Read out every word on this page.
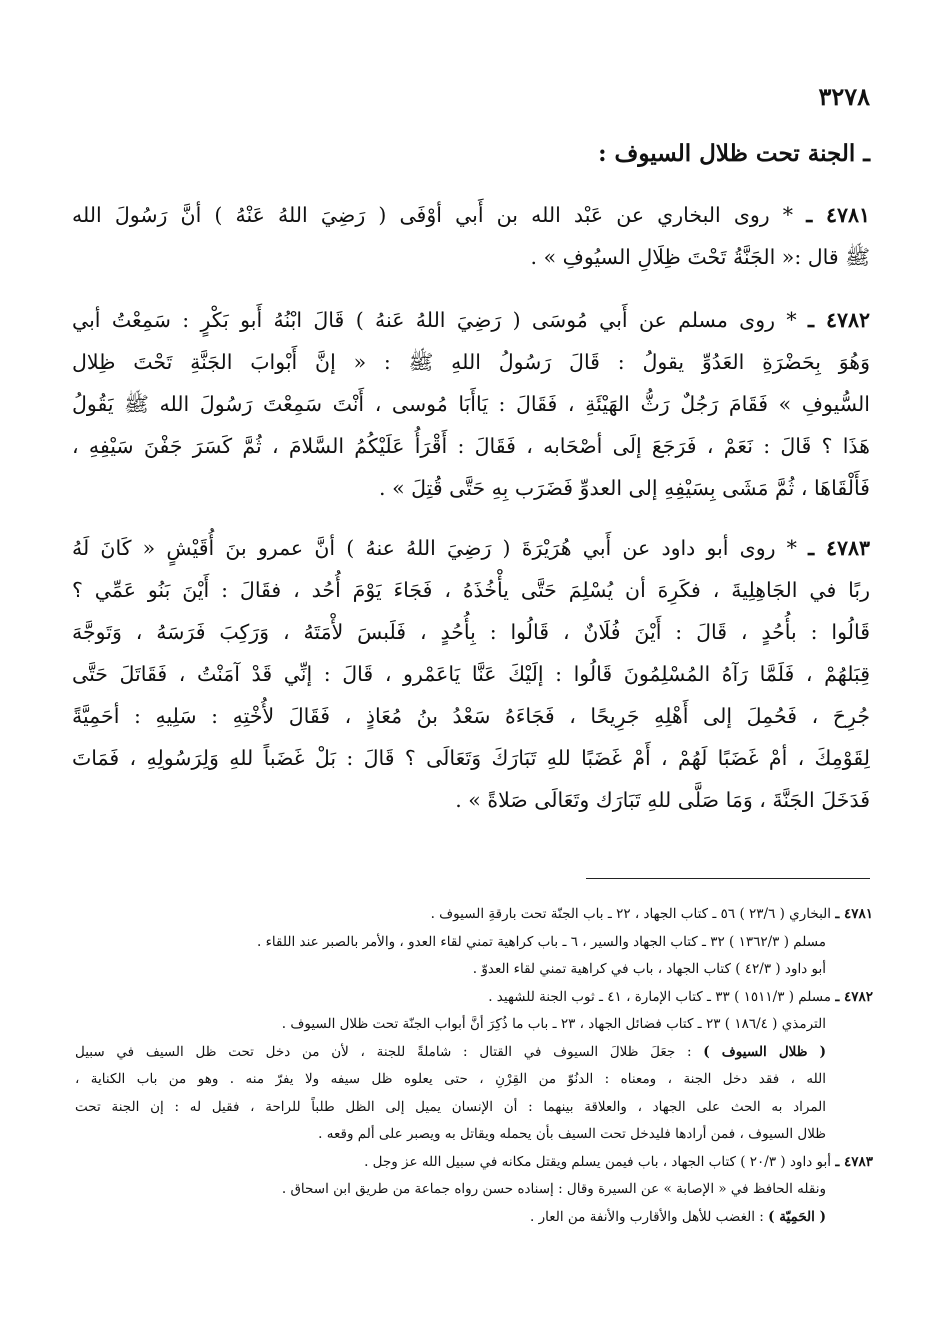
٣٢٧٨
ـ الجنة تحت ظلال السيوف :
٤٧٨١ ـ * روى البخاري عن عَبْد الله بن أَبي أوْفَى ( رَضِيَ اللهُ عَنْهُ ) أنَّ رَسُولَ الله
ﷺ قال :« الجَنَّةُ تَحْتَ ظِلَالِ السيُوفِ » .
٤٧٨٢ ـ * روى مسلم عن أَبي مُوسَى ( رَضِيَ اللهُ عَنهُ ) قَالَ ابْنُهُ أَبو بَكْرٍ : سَمِعْتُ أبي
وَهُوَ بِحَضْرَةِ العَدُوِّ يقولُ : قَالَ رَسُولُ اللهِ ﷺ : « إنَّ أَبْوابَ الجَنَّةِ تَحْتَ ظِلال
السُّيوفِ » فَقَامَ رَجُلٌ رَثُّ الهَيْئَةِ ، فَقَالَ : يَاأَبَا مُوسى ، أَنْتَ سَمِعْتَ رَسُولَ الله ﷺ يَقُولُ
هَذَا ؟ قَالَ : نَعَمْ ، فَرَجَعَ إلَى أصْحَابه ، فَقَالَ : أَقْرَأُ عَلَيْكُمُ السَّلامَ ، ثُمَّ كَسَرَ جَفْنَ سَيْفِهِ ،
فَأَلْقَاهَا ، ثُمَّ مَشَى بِسَيْفِهِ إلى العدوِّ فَضَرَب بِهِ حَتَّى قُتِلَ » .
٤٧٨٣ ـ * روى أبو داود عن أَبي هُرَيْرَةَ ( رَضِيَ اللهُ عنهُ ) أنَّ عمرو بنَ أُقَيْشٍ « كَانَ لَهُ
ربًا في الجَاهِلِيةَ ، فكَرِهَ أن يُسْلِمَ حَتَّى يأْخُذَهُ ، فَجَاءَ يَوْمَ أُحُد ، فقَالَ : أَيْنَ بَنُو عَمِّي ؟
قَالُوا : بأُحُدٍ ، قَالَ : أَيْنَ فُلَانٌ ، قَالُوا : بِأُحُدٍ ، فَلَبسَ لأْمَتَهُ ، وَرَكِبَ فَرَسَهُ ، وَتَوجَّهَ
قِبَلهُمْ ، فَلَمَّا رَآهُ المُسْلِمُونَ قَالُوا : إلَيْكَ عَنَّا يَاعَمْرو ، قَالَ : إنِّي قَدْ آمَنْتُ ، فَقَاتَلَ حَتَّى
جُرِحَ ، فَحُمِلَ إلى أَهْلِهِ جَرِيحًا ، فَجَاءَهُ سَعْدُ بنُ مُعَاذٍ ، فَقَالَ لأُخْتِهِ : سَلِيهِ : أحَمِيَّةً
لِقَوْمِكَ ، أمْ غَضَبًا لَهُمْ ، أَمْ غَضَبًا للهِ تَبَارَكَ وَتَعَالَى ؟ قَالَ : بَلْ غَضَباً للهِ وَلِرَسُولِهِ ، فَمَاتَ
فَدَخَلَ الجَنَّةَ ، وَمَا صَلَّى للهِ تَبَارَك وتَعَالَى صَلاةً » .
٤٧٨١ ـ البخاري ( ٢٣/٦ ) ٥٦ ـ كتاب الجهاد ، ٢٢ ـ باب الجنّة تحت بارقةِ السيوف .
مسلم ( ١٣٦٢/٣ ) ٣٢ ـ كتاب الجهاد والسير ، ٦ ـ باب كراهية تمني لقاء العدو ، والأمر بالصبر عند اللقاء .
أبو داود ( ٤٢/٣ ) كتاب الجهاد ، باب في كراهية تمني لقاء العدوّ .
٤٧٨٢ ـ مسلم ( ١٥١١/٣ ) ٣٣ ـ كتاب الإمارة ، ٤١ ـ ثوب الجنة للشهيد .
الترمذي ( ١٨٦/٤ ) ٢٣ ـ كتاب فضائل الجهاد ، ٢٣ ـ باب ما ذُكِرَ أنَّ أبواب الجنّة تحت ظلال السيوف .
( ظلال السيوف ) : جعَلَ ظلالَ السيوف في القتال : شاملةً للجنة ، لأن من دخل تحت ظل السيف في سبيل
الله ، فقد دخل الجنة ، ومعناه : الدنُوّ من القِرْنِ ، حتى يعلوه ظل سيفه ولا يفرّ منه . وهو من باب الكناية ،
المراد به الحث على الجهاد ، والعلاقة بينهما : أن الإنسان يميل إلى الظل طلباً للراحة ، فقيل له : إن الجنة تحت
ظلال السيوف ، فمن أرادها فليدخل تحت السيف بأن يحمله ويقاتل به ويصبر على ألم وقعه .
٤٧٨٣ ـ أبو داود ( ٢٠/٣ ) كتاب الجهاد ، باب فيمن يسلم ويقتل مكانه في سبيل الله عز وجل .
ونقله الحافظ في « الإصابة » عن السيرة وقال : إسناده حسن رواه جماعة من طريق ابن اسحاق .
( الحَمِيّة ) : الغضب للأهل والأقارب والأنفة من العار .
